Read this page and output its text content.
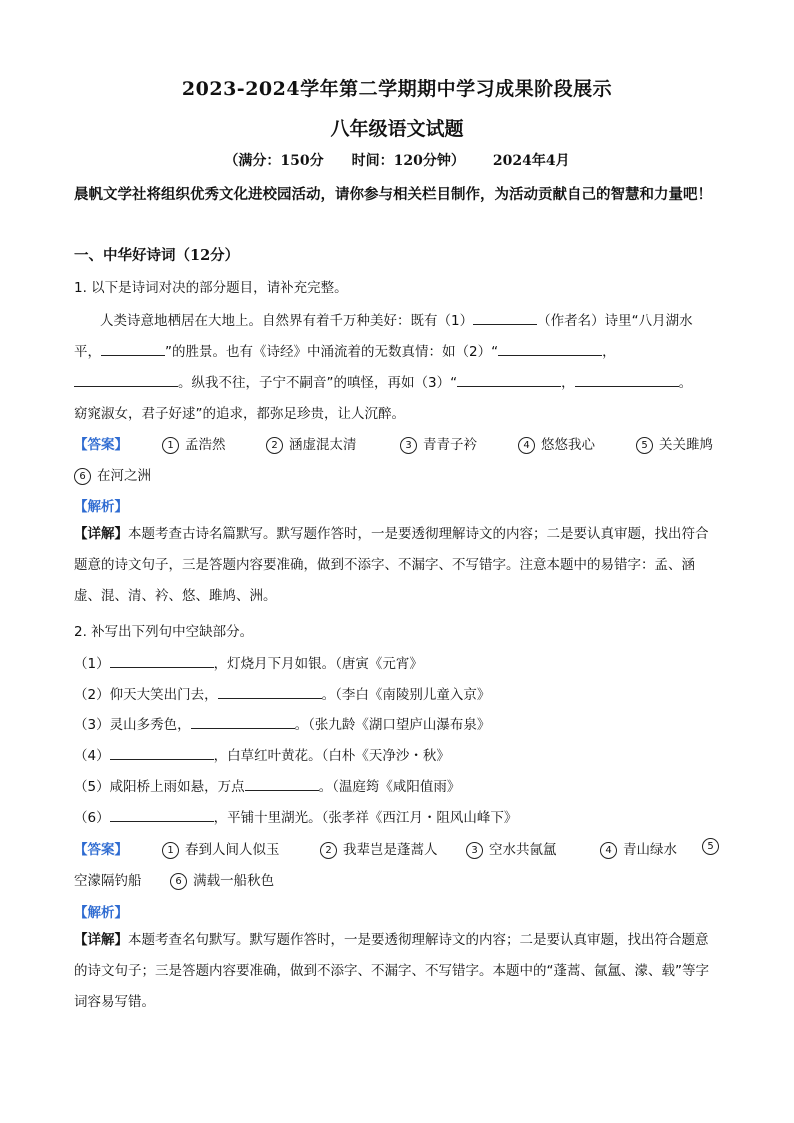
2023-2024学年第二学期期中学习成果阶段展示
八年级语文试题
（满分：150分 时间：120分钟） 2024年4月
晨帆文学社将组织优秀文化进校园活动，请你参与相关栏目制作，为活动贡献自己的智慧和力量吧！
一、中华好诗词（12分）
1. 以下是诗词对决的部分题目，请补充完整。
人类诗意地栖居在大地上。自然界有着千万种美好：既有（1）	（作者名）诗里“八月湖水
平，	”的胜景。也有《诗经》中涌流着的无数真情：如（2）“	，
。纵我不往，子宁不嗣音”的嗔怪，再如（3）“	，	。
窈窕淑女，君子好逑”的追求，都弥足珍贵，让人沉醉。
【答案】	1 孟浩然	2 涵虚混太清	3 青青子衿	4 悠悠我心	5 关关雎鸠
6 在河之洲
【解析】
【详解】本题考查古诗名篇默写。默写题作答时，一是要透彻理解诗文的内容；二是要认真审题，找出符合题意的诗文句子，三是答题内容要准确，做到不添字、不漏字、不写错字。注意本题中的易错字：孟、涵虚、混、清、衿、悠、雎鸠、洲。
2. 补写出下列句中空缺部分。
（1）	，灯烧月下月如银。（唐寅《元宵》
（2）仰天大笑出门去，	。（李白《南陵别儿童入京》
（3）灵山多秀色，	。（张九龄《湖口望庐山瀑布泉》
（4）	，白草红叶黄花。（白朴《天净沙・秋》
（5）咸阳桥上雨如悬，万点	。（温庭筠《咸阳值雨》
（6）	，平铺十里湖光。（张孝祥《西江月・阻风山峰下》
【答案】	1 春到人间人似玉	2 我辈岂是蓬蒿人	3 空水共氤氲	4 青山绿水	5
空濛隔钓船	6 满载一船秋色
【解析】
【详解】本题考查名句默写。默写题作答时，一是要透彻理解诗文的内容；二是要认真审题，找出符合题意的诗文句子；三是答题内容要准确，做到不添字、不漏字、不写错字。本题中的“蓬蒿、氤氲、濛、载”等字词容易写错。
